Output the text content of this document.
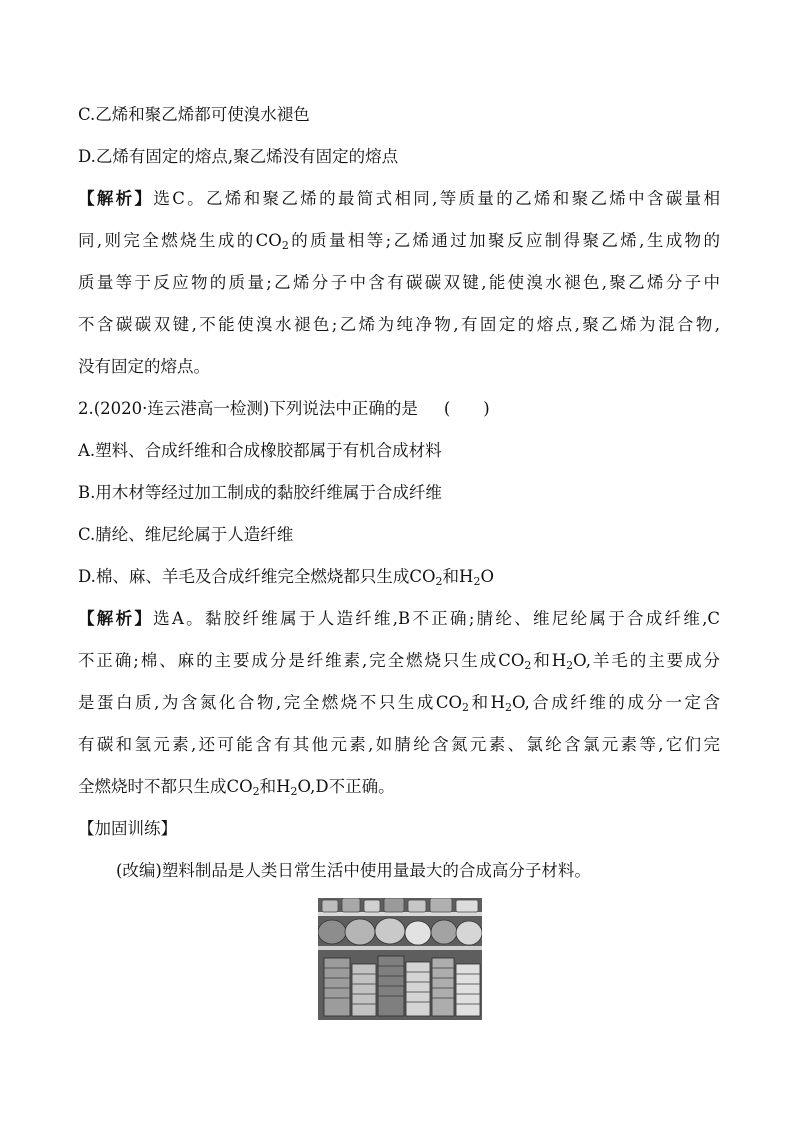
C.乙烯和聚乙烯都可使溴水褪色
D.乙烯有固定的熔点,聚乙烯没有固定的熔点
【解析】选C。乙烯和聚乙烯的最简式相同,等质量的乙烯和聚乙烯中含碳量相
同,则完全燃烧生成的$CO_2$的质量相等;乙烯通过加聚反应制得聚乙烯,生成物的
质量等于反应物的质量;乙烯分子中含有碳碳双键,能使溴水褪色,聚乙烯分子中
不含碳碳双键,不能使溴水褪色;乙烯为纯净物,有固定的熔点,聚乙烯为混合物,
没有固定的熔点。
2.(2020·连云港高一检测)下列说法中正确的是 (　　)
A.塑料、合成纤维和合成橡胶都属于有机合成材料
B.用木材等经过加工制成的黏胶纤维属于合成纤维
C.腈纶、维尼纶属于人造纤维
D.棉、麻、羊毛及合成纤维完全燃烧都只生成$CO_2$和$H_2O$
【解析】选A。黏胶纤维属于人造纤维,B不正确;腈纶、维尼纶属于合成纤维,C
不正确;棉、麻的主要成分是纤维素,完全燃烧只生成$CO_2$和$H_2O$,羊毛的主要成分
是蛋白质,为含氮化合物,完全燃烧不只生成$CO_2$和$H_2O$,合成纤维的成分一定含
有碳和氢元素,还可能含有其他元素,如腈纶含氮元素、氯纶含氯元素等,它们完
全燃烧时不都只生成$CO_2$和$H_2O,D$不正确。
【加固训练】
(改编)塑料制品是人类日常生活中使用量最大的合成高分子材料。
